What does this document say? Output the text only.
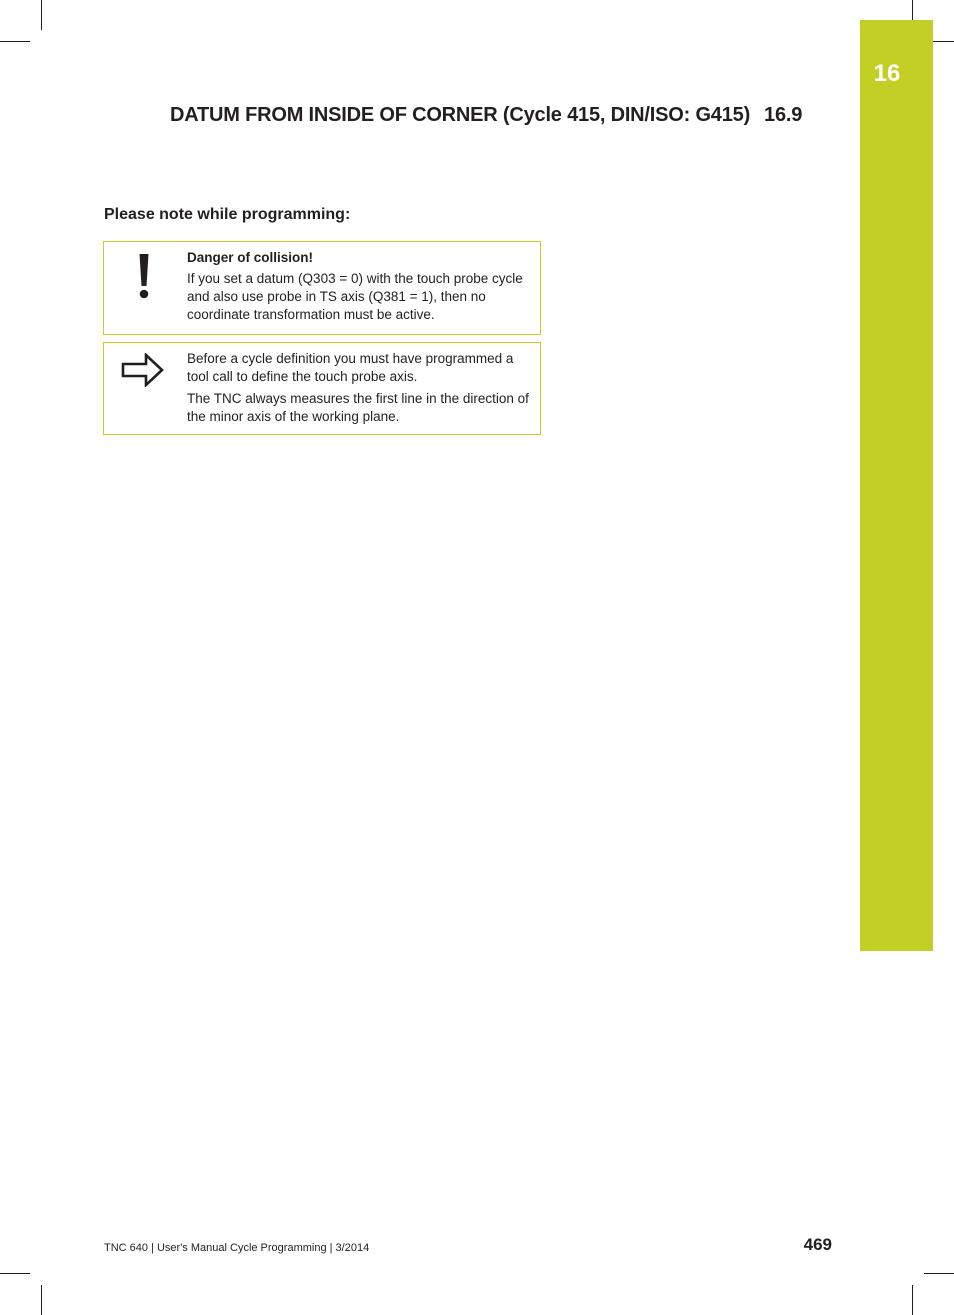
16
DATUM FROM INSIDE OF CORNER (Cycle 415, DIN/ISO: G415) 16.9
Please note while programming:
Danger of collision!

If you set a datum (Q303 = 0) with the touch probe cycle and also use probe in TS axis (Q381 = 1), then no coordinate transformation must be active.

Before a cycle definition you must have programmed a tool call to define the touch probe axis.

The TNC always measures the first line in the direction of the minor axis of the working plane.

TNC 640 | User's Manual Cycle Programming | 3/2014	469
